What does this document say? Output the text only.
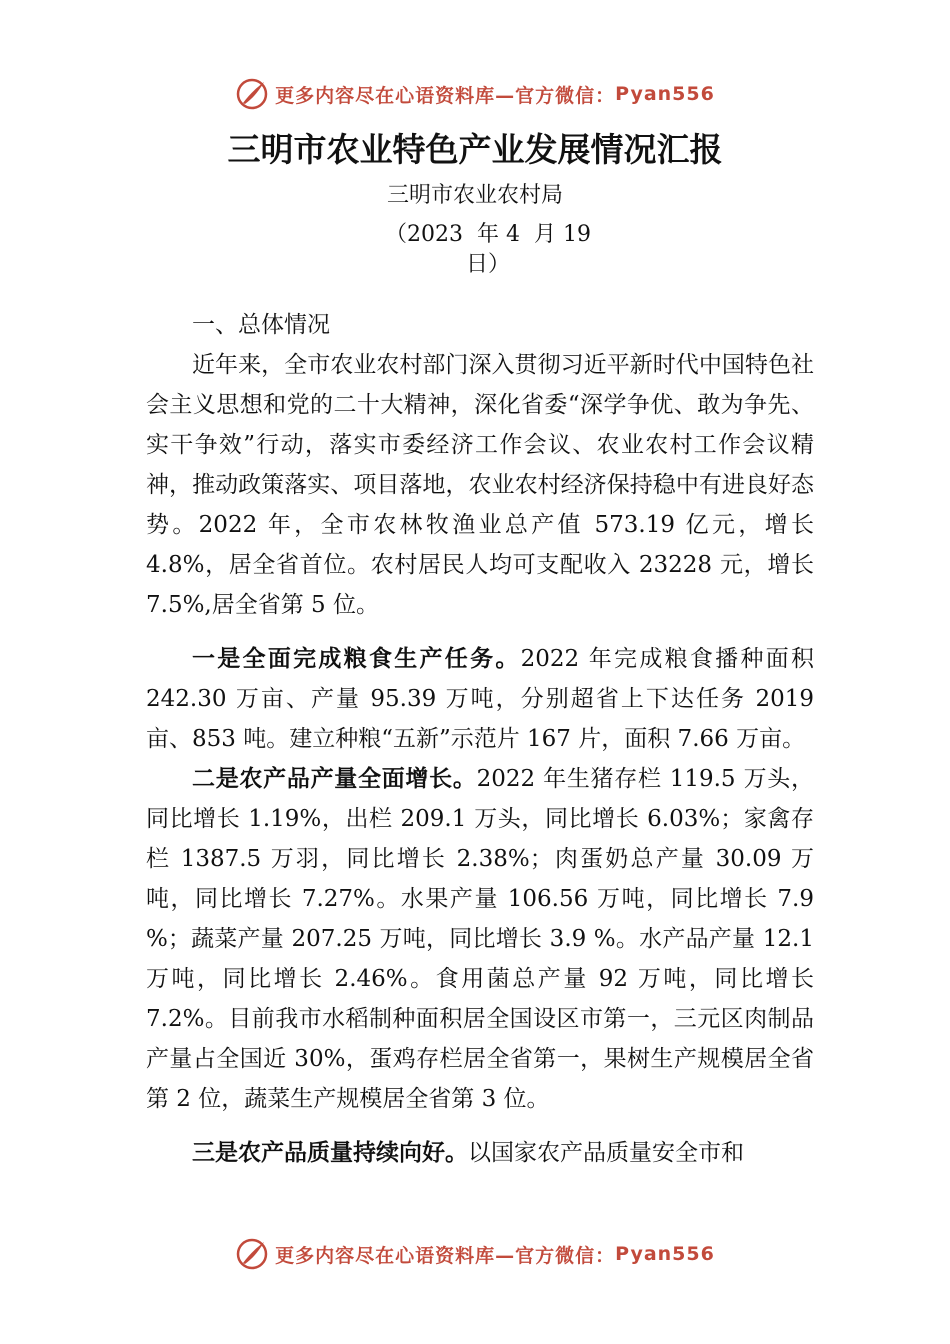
更多内容尽在心语资料库—官方微信： Pyan556
三明市农业特色产业发展情况汇报
三明市农业农村局
（2023  年 4  月 19
日）

一、总体情况

近年来，全市农业农村部门深入贯彻习近平新时代中国特色社会主义思想和党的二十大精神，深化省委“深学争优、敢为争先、实干争效”行动，落实市委经济工作会议、农业农村工作会议精神，推动政策落实、项目落地，农业农村经济保持稳中有进良好态势。2022 年，全市农林牧渔业总产值 573.19 亿元，增长 4.8%，居全省首位。农村居民人均可支配收入 23228 元，增长 7.5%,居全省第 5 位。

一是全面完成粮食生产任务。2022 年完成粮食播种面积 242.30 万亩、产量 95.39 万吨，分别超省上下达任务 2019 亩、853 吨。建立种粮“五新”示范片 167 片，面积 7.66 万亩。

二是农产品产量全面增长。2022 年生猪存栏 119.5 万头，同比增长 1.19%，出栏 209.1 万头，同比增长 6.03%；家禽存栏 1387.5 万羽，同比增长 2.38%；肉蛋奶总产量 30.09 万吨，同比增长 7.27%。水果产量 106.56 万吨，同比增长 7.9 %；蔬菜产量 207.25 万吨，同比增长 3.9 %。水产品产量 12.1 万吨，同比增长 2.46%。食用菌总产量 92 万吨，同比增长 7.2%。目前我市水稻制种面积居全国设区市第一，三元区肉制品产量占全国近 30%，蛋鸡存栏居全省第一，果树生产规模居全省第 2 位，蔬菜生产规模居全省第 3 位。

三是农产品质量持续向好。以国家农产品质量安全市和

更多内容尽在心语资料库—官方微信： Pyan556
